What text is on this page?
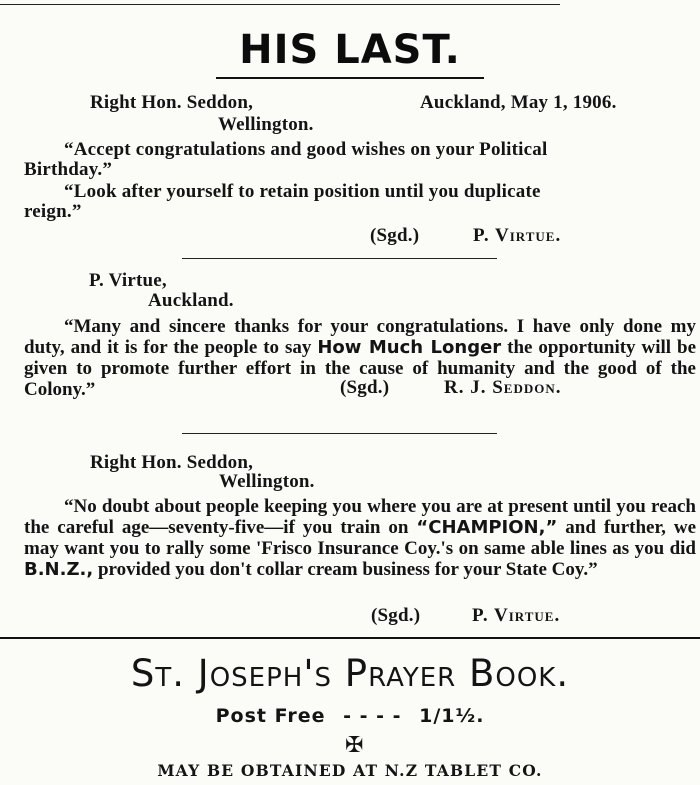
HIS LAST.
Right Hon. Seddon,	Auckland, May 1, 1906.
Wellington.
“Accept congratulations and good wishes on your Political
Birthday.”
“Look after yourself to retain position until you duplicate
reign.”
(Sgd.)	P. Virtue.
P. Virtue,
Auckland.
“Many and sincere thanks for your congratulations. I have only done my duty, and it is for the people to say How Much Longer the opportunity will be given to promote further effort in the cause of humanity and the good of the Colony.”	(Sgd.)	R. J. Seddon.
Right Hon. Seddon,
Wellington.
“No doubt about people keeping you where you are at present until you reach the careful age—seventy-five—if you train on “CHAMPION,” and further, we may want you to rally some 'Frisco Insurance Coy.'s on same able lines as you did B.N.Z., provided you don't collar cream business for your State Coy.”
(Sgd.)	P. Virtue.
St. Joseph's Prayer Book.
Post Free - - - - 1/1½.
✠
MAY BE OBTAINED AT N.Z TABLET CO.
